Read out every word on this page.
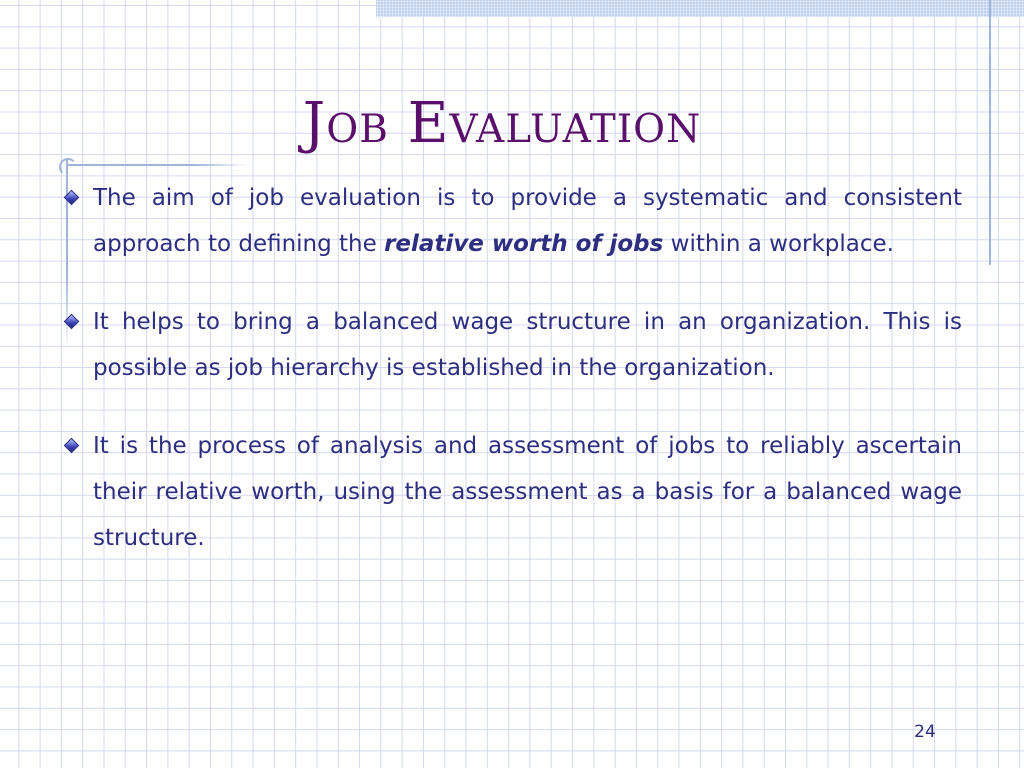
Job Evaluation
The aim of job evaluation is to provide a systematic and consistent approach to defining the relative worth of jobs within a workplace.
It helps to bring a balanced wage structure in an organization. This is possible as job hierarchy is established in the organization.
It is the process of analysis and assessment of jobs to reliably ascertain their relative worth, using the assessment as a basis for a balanced wage structure.
24
